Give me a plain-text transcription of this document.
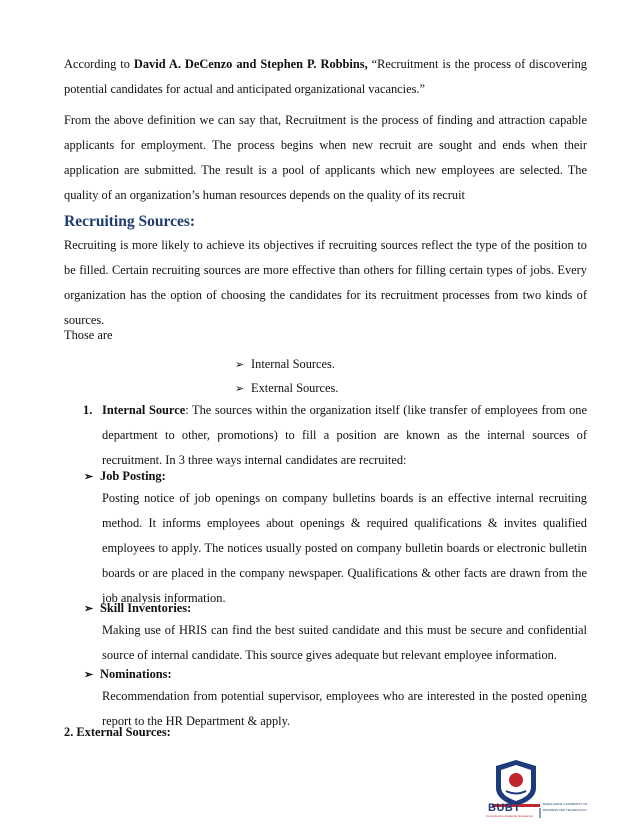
According to David A. DeCenzo and Stephen P. Robbins, “Recruitment is the process of discovering potential candidates for actual and anticipated organizational vacancies.”

From the above definition we can say that, Recruitment is the process of finding and attraction capable applicants for employment. The process begins when new recruit are sought and ends when their application are submitted. The result is a pool of applicants which new employees are selected. The quality of an organization’s human resources depends on the quality of its recruit

Recruiting Sources:

Recruiting is more likely to achieve its objectives if recruiting sources reflect the type of the position to be filled. Certain recruiting sources are more effective than others for filling certain types of jobs. Every organization has the option of choosing the candidates for its recruitment processes from two kinds of sources.

Those are
➢ Internal Sources.
➢ External Sources.
1. Internal Source: The sources within the organization itself (like transfer of employees from one department to other, promotions) to fill a position are known as the internal sources of recruitment. In 3 three ways internal candidates are recruited:

➢ Job Posting:

Posting notice of job openings on company bulletins boards is an effective internal recruiting method. It informs employees about openings & required qualifications & invites qualified employees to apply. The notices usually posted on company bulletin boards or electronic bulletin boards or are placed in the company newspaper. Qualifications & other facts are drawn from the job analysis information.

➢ Skill Inventories:

Making use of HRIS can find the best suited candidate and this must be secure and confidential source of internal candidate. This source gives adequate but relevant employee information.

➢ Nominations:

Recommendation from potential supervisor, employees who are interested in the posted opening report to the HR Department & apply.

2. External Sources:
BUBT	BANGLADESH UNIVERSITY OF
BUSINESS AND TECHNOLOGY
Committed to Academic Excellence
